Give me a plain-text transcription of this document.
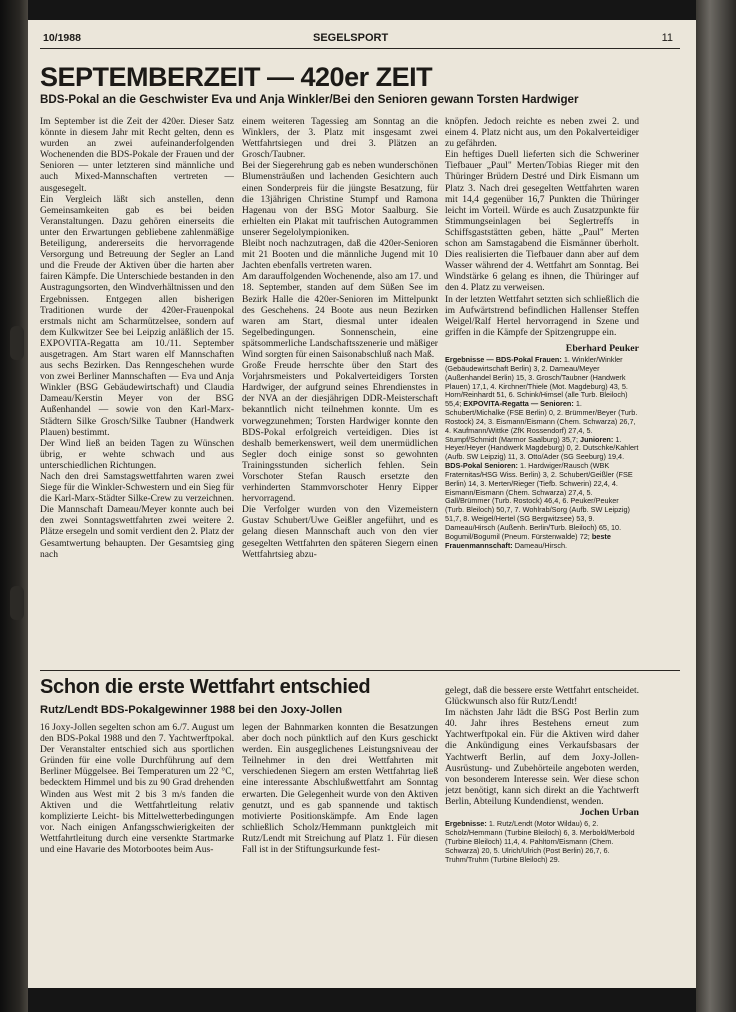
10/1988	SEGELSPORT	11
SEPTEMBERZEIT — 420er ZEIT
BDS-Pokal an die Geschwister Eva und Anja Winkler/Bei den Senioren gewann Torsten Hardwiger

Im September ist die Zeit der 420er. Dieser Satz könnte in diesem Jahr mit Recht gelten, denn es wurden an zwei aufeinanderfolgenden Wochenenden die BDS-Pokale der Frauen und der Senioren — unter letzteren sind männliche und auch Mixed-Mannschaften vertreten — ausgesegelt.

Ein Vergleich läßt sich anstellen, denn Gemeinsamkeiten gab es bei beiden Veranstaltungen. Dazu gehören einerseits die unter den Erwartungen gebliebene zahlenmäßige Beteiligung, andererseits die hervorragende Versorgung und Betreuung der Segler an Land und die Freude der Aktiven über die harten aber fairen Kämpfe. Die Unterschiede bestanden in den Austragungsorten, den Windverhältnissen und den Ergebnissen. Entgegen allen bisherigen Traditionen wurde der 420er-Frauenpokal erstmals nicht am Scharmützelsee, sondern auf dem Kulkwitzer See bei Leipzig anläßlich der 15. EXPOVITA-Regatta am 10./11. September ausgetragen. Am Start waren elf Mannschaften aus sechs Bezirken. Das Renngeschehen wurde von zwei Berliner Mannschaften — Eva und Anja Winkler (BSG Gebäudewirtschaft) und Claudia Dameau/Kerstin Meyer von der BSG Außenhandel — sowie von den Karl-Marx-Städtern Silke Grosch/Silke Taubner (Handwerk Plauen) bestimmt.

Der Wind ließ an beiden Tagen zu Wünschen übrig, er wehte schwach und aus unterschiedlichen Richtungen.

Nach den drei Samstagswettfahrten waren zwei Siege für die Winkler-Schwestern und ein Sieg für die Karl-Marx-Städter Silke-Crew zu verzeichnen. Die Mannschaft Dameau/Meyer konnte auch bei den zwei Sonntagswettfahrten zwei weitere 2. Plätze ersegeln und somit verdient den 2. Platz der Gesamtwertung behaupten. Der Gesamtsieg ging nach

einem weiteren Tagessieg am Sonntag an die Winklers, der 3. Platz mit insgesamt zwei Wettfahrtsiegen und drei 3. Plätzen an Grosch/Taubner.

Bei der Siegerehrung gab es neben wunderschönen Blumensträußen und lachenden Gesichtern auch einen Sonderpreis für die jüngste Besatzung, für die 13jährigen Christine Stumpf und Ramona Hagenau von der BSG Motor Saalburg. Sie erhielten ein Plakat mit taufrischen Autogrammen unserer Segelolympioniken.

Bleibt noch nachzutragen, daß die 420er-Senioren mit 21 Booten und die männliche Jugend mit 10 Jachten ebenfalls vertreten waren.

Am darauffolgenden Wochenende, also am 17. und 18. September, standen auf dem Süßen See im Bezirk Halle die 420er-Senioren im Mittelpunkt des Geschehens. 24 Boote aus neun Bezirken waren am Start, diesmal unter idealen Segelbedingungen. Sonnenschein, eine spätsommerliche Landschaftsszenerie und mäßiger Wind sorgten für einen Saisonabschluß nach Maß.

Große Freude herrschte über den Start des Vorjahrsmeisters und Pokalverteidigers Torsten Hardwiger, der aufgrund seines Ehrendienstes in der NVA an der diesjährigen DDR-Meisterschaft bekanntlich nicht teilnehmen konnte. Um es vorwegzunehmen; Torsten Hardwiger konnte den BDS-Pokal erfolgreich verteidigen. Dies ist deshalb bemerkenswert, weil dem unermüdlichen Segler doch einige sonst so gewohnten Trainingsstunden sicherlich fehlen. Sein Vorschoter Stefan Rausch ersetzte den verhinderten Stammvorschoter Henry Eipper hervorragend.

Die Verfolger wurden von den Vizemeistern Gustav Schubert/Uwe Geißler angeführt, und es gelang diesen Mannschaft auch von den vier gesegelten Wettfahrten den späteren Siegern einen Wettfahrtsieg abzu-

knöpfen. Jedoch reichte es neben zwei 2. und einem 4. Platz nicht aus, um den Pokalverteidiger zu gefährden.

Ein heftiges Duell lieferten sich die Schweriner Tiefbauer „Paul" Merten/Tobias Rieger mit den Thüringer Brüdern Destré und Dirk Eismann um Platz 3. Nach drei gesegelten Wettfahrten waren mit 14,4 gegenüber 16,7 Punkten die Thüringer leicht im Vorteil. Würde es auch Zusatzpunkte für Stimmungseinlagen bei Seglertreffs in Schiffsgaststätten geben, hätte „Paul" Merten schon am Samstagabend die Eismänner überholt. Dies realisierten die Tiefbauer dann aber auf dem Wasser während der 4. Wettfahrt am Sonntag. Bei Windstärke 6 gelang es ihnen, die Thüringer auf den 4. Platz zu verweisen.

In der letzten Wettfahrt setzten sich schließlich die im Aufwärtstrend befindlichen Hallenser Steffen Weigel/Ralf Hertel hervorragend in Szene und griffen in die Kämpfe der Spitzengruppe ein.

Eberhard Peuker
Ergebnisse — BDS-Pokal Frauen: 1. Winkler/Winkler (Gebäudewirtschaft Berlin) 3, 2. Dameau/Meyer (Außenhandel Berlin) 15, 3. Grosch/Taubner (Handwerk Plauen) 17,1, 4. Kirchner/Thiele (Mot. Magdeburg) 43, 5. Horn/Reinhardt 51, 6. Schink/Himsel (alle Turb. Bleiloch) 55,4; EXPOVITA-Regatta — Senioren: 1. Schubert/Michalke (FSE Berlin) 0, 2. Brümmer/Beyer (Turb. Rostock) 24, 3. Eismann/Eismann (Chem. Schwarza) 26,7, 4. Kaufmann/Wittke (ZfK Rossendorf) 27,4, 5. Stumpf/Schmidt (Marmor Saalburg) 35,7; Junioren: 1. Heyer/Heyer (Handwerk Magdeburg) 0, 2. Dutschke/Kahlert (Aufb. SW Leipzig) 11, 3. Otto/Ader (SG Seeburg) 19,4. BDS-Pokal Senioren: 1. Hardwiger/Rausch (WBK Fraternitas/HSG Wiss. Berlin) 3, 2. Schubert/Geißler (FSE Berlin) 14, 3. Merten/Rieger (Tiefb. Schwerin) 22,4, 4. Eismann/Eismann (Chem. Schwarza) 27,4, 5. Gall/Brümmer (Turb. Rostock) 46,4, 6. Peuker/Peuker (Turb. Bleiloch) 50,7, 7. Wohlrab/Sorg (Aufb. SW Leipzig) 51,7, 8. Weigel/Hertel (SG Bergwitzsee) 53, 9. Dameau/Hirsch (Außenh. Berlin/Turb. Bleiloch) 65, 10. Bogumil/Bogumil (Pneum. Fürstenwalde) 72; beste Frauenmannschaft: Dameau/Hirsch.
Schon die erste Wettfahrt entschied
Rutz/Lendt BDS-Pokalgewinner 1988 bei den Joxy-Jollen

16 Joxy-Jollen segelten schon am 6./7. August um den BDS-Pokal 1988 und den 7. Yachtwerftpokal. Der Veranstalter entschied sich aus sportlichen Gründen für eine volle Durchführung auf dem Berliner Müggelsee. Bei Temperaturen um 22 °C, bedecktem Himmel und bis zu 90 Grad drehenden Winden aus West mit 2 bis 3 m/s fanden die Aktiven und die Wettfahrtleitung relativ komplizierte Leicht- bis Mittelwetterbedingungen vor. Nach einigen Anfangsschwierigkeiten der Wettfahrtleitung durch eine versenkte Startmarke und eine Havarie des Motorbootes beim Aus-

legen der Bahnmarken konnten die Besatzungen aber doch noch pünktlich auf den Kurs geschickt werden. Ein ausgeglichenes Leistungsniveau der Teilnehmer in den drei Wettfahrten mit verschiedenen Siegern am ersten Wettfahrtag ließ eine interessante Abschlußwettfahrt am Sonntag erwarten. Die Gelegenheit wurde von den Aktiven genutzt, und es gab spannende und taktisch motivierte Positionskämpfe. Am Ende lagen schließlich Scholz/Hemmann punktgleich mit Rutz/Lendt mit Streichung auf Platz 1. Für diesen Fall ist in der Stiftungsurkunde fest-

gelegt, daß die bessere erste Wettfahrt entscheidet. Glückwunsch also für Rutz/Lendt!

Im nächsten Jahr lädt die BSG Post Berlin zum 40. Jahr ihres Bestehens erneut zum Yachtwerftpokal ein. Für die Aktiven wird daher die Ankündigung eines Verkaufsbasars der Yachtwerft Berlin, auf dem Joxy-Jollen-Ausrüstung- und Zubehörteile angeboten werden, von besonderem Interesse sein. Wer diese schon jetzt benötigt, kann sich direkt an die Yachtwerft Berlin, Abteilung Kundendienst, wenden.

Jochen Urban
Ergebnisse: 1. Rutz/Lendt (Motor Wildau) 6, 2. Scholz/Hemmann (Turbine Bleiloch) 6, 3. Merbold/Merbold (Turbine Bleiloch) 11,4, 4. Pahltorn/Eismann (Chem. Schwarza) 20, 5. Ulrich/Ulrich (Post Berlin) 26,7, 6. Truhm/Truhm (Turbine Bleiloch) 29.
